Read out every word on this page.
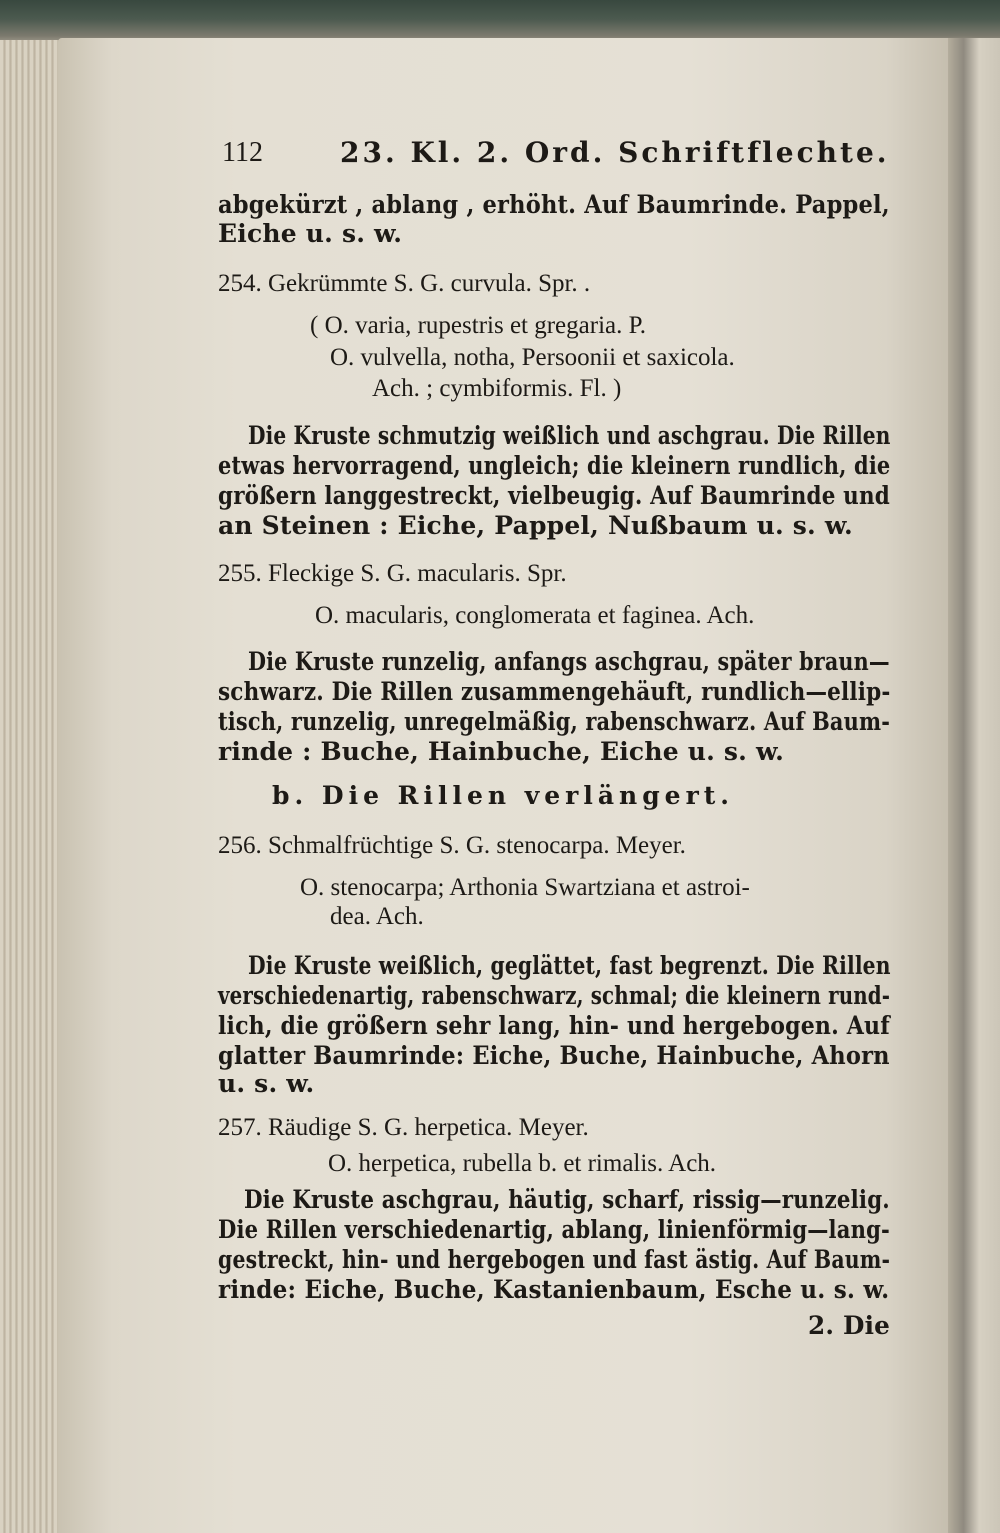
112	23. Kl. 2. Ord. Schriftflechte.
abgekürzt , ablang , erhöht. Auf Baumrinde. Pappel,
Eiche u. s. w.
254. Gekrümmte S. G. curvula. Spr. .
( O. varia, rupestris et gregaria. P.
O. vulvella, notha, Persoonii et saxicola.
Ach. ; cymbiformis. Fl. )
Die Kruste schmutzig weißlich und aschgrau. Die Rillen
etwas hervorragend, ungleich; die kleinern rundlich, die
größern langgestreckt, vielbeugig. Auf Baumrinde und
an Steinen : Eiche, Pappel, Nußbaum u. s. w.
255. Fleckige S. G. macularis. Spr.
O. macularis, conglomerata et faginea. Ach.
Die Kruste runzelig, anfangs aschgrau, später braun—
schwarz. Die Rillen zusammengehäuft, rundlich—ellip-
tisch, runzelig, unregelmäßig, rabenschwarz. Auf Baum-
rinde : Buche, Hainbuche, Eiche u. s. w.
b. Die Rillen verlängert.
256. Schmalfrüchtige S. G. stenocarpa. Meyer.
O. stenocarpa; Arthonia Swartziana et astroi-
dea. Ach.
Die Kruste weißlich, geglättet, fast begrenzt. Die Rillen
verschiedenartig, rabenschwarz, schmal; die kleinern rund-
lich, die größern sehr lang, hin- und hergebogen. Auf
glatter Baumrinde: Eiche, Buche, Hainbuche, Ahorn
u. s. w.
257. Räudige S. G. herpetica. Meyer.
O. herpetica, rubella b. et rimalis. Ach.
Die Kruste aschgrau, häutig, scharf, rissig—runzelig.
Die Rillen verschiedenartig, ablang, linienförmig—lang-
gestreckt, hin- und hergebogen und fast ästig. Auf Baum-
rinde: Eiche, Buche, Kastanienbaum, Esche u. s. w.
2. Die
